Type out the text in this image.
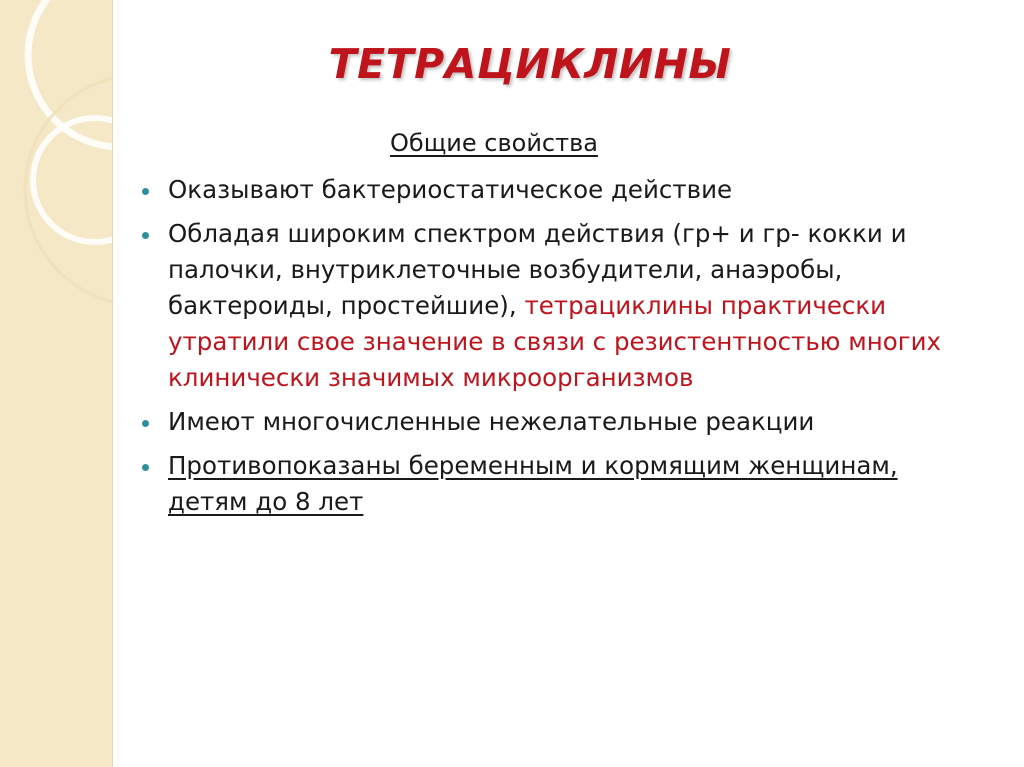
ТЕТРАЦИКЛИНЫ
Общие свойства
Оказывают бактериостатическое действие
Обладая широким спектром действия (гр+ и гр- кокки и палочки, внутриклеточные возбудители, анаэробы, бактероиды, простейшие), тетрациклины практически утратили свое значение в связи с резистентностью многих клинически значимых микроорганизмов
Имеют многочисленные нежелательные реакции
Противопоказаны беременным и кормящим женщинам, детям до 8 лет
